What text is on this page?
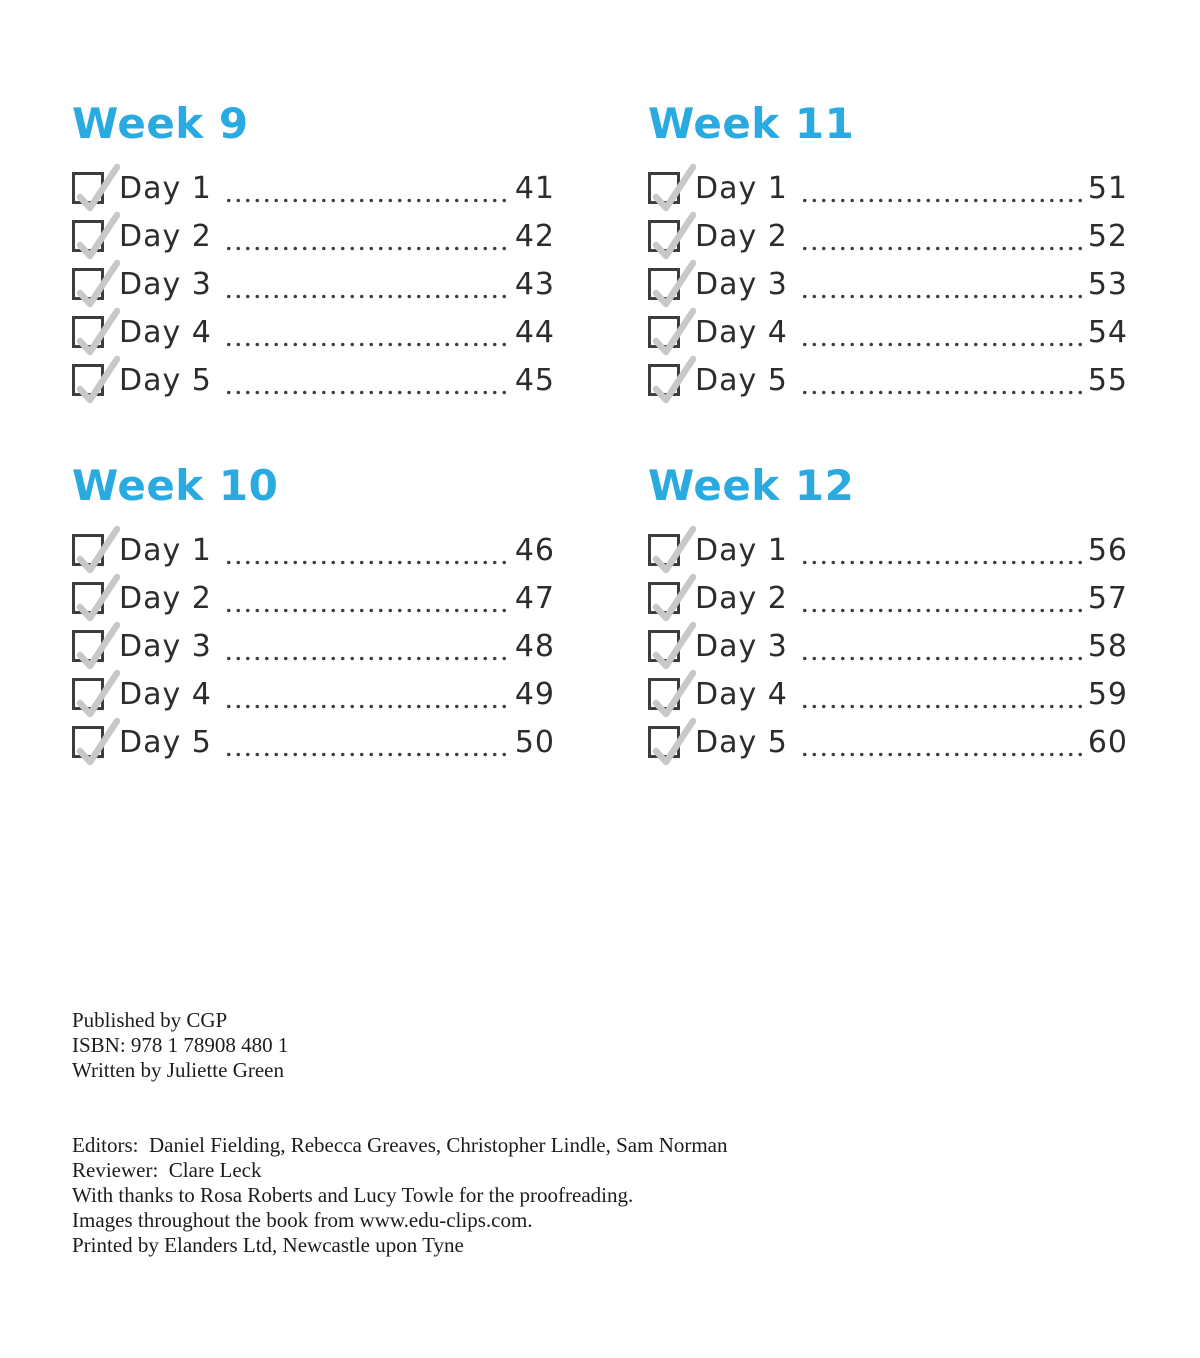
Week 9
Day 1	41
Day 2	42
Day 3	43
Day 4	44
Day 5	45
Week 11
Day 1	51
Day 2	52
Day 3	53
Day 4	54
Day 5	55
Week 10
Day 1	46
Day 2	47
Day 3	48
Day 4	49
Day 5	50
Week 12
Day 1	56
Day 2	57
Day 3	58
Day 4	59
Day 5	60

Published by CGP

ISBN: 978 1 78908 480 1

Written by Juliette Green

Editors:  Daniel Fielding, Rebecca Greaves, Christopher Lindle, Sam Norman
Reviewer:  Clare Leck

With thanks to Rosa Roberts and Lucy Towle for the proofreading.

Images throughout the book from www.edu-clips.com.

Printed by Elanders Ltd, Newcastle upon Tyne
